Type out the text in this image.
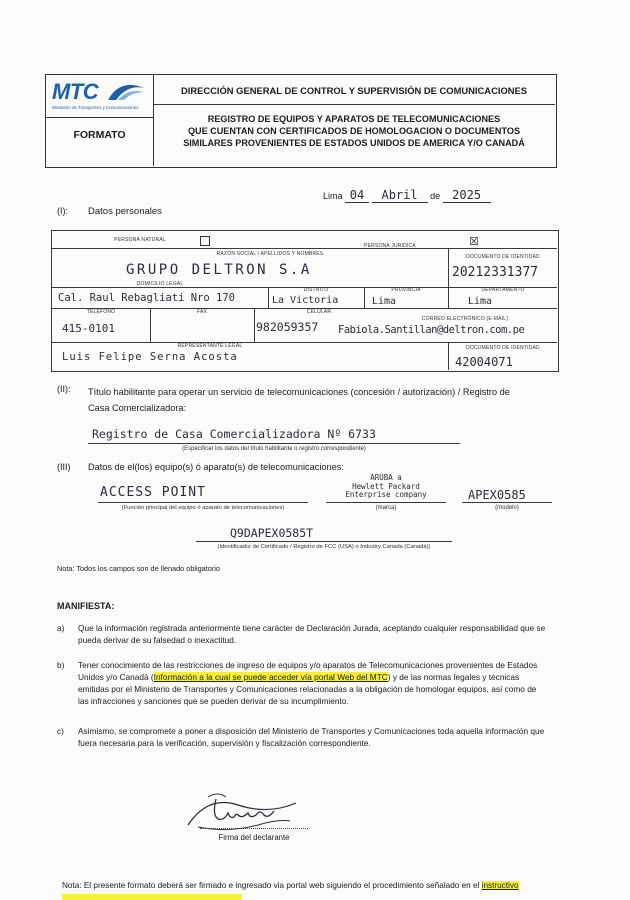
MTC
Ministerio de Transportes y Comunicaciones
FORMATO
DIRECCIÓN GENERAL DE CONTROL Y SUPERVISIÓN DE COMUNICACIONES
REGISTRO DE EQUIPOS Y APARATOS DE TELECOMUNICACIONES
QUE CUENTAN CON CERTIFICADOS DE HOMOLOGACION O DOCUMENTOS
SIMILARES PROVENIENTES DE ESTADOS UNIDOS DE AMERICA Y/O CANADÁ
Lima 04 Abril de 2025
(I): Datos personales
PERSONA NATURAL
PERSONA JURIDICA	☒
RAZÓN SOCIAL / APELLIDOS Y NOMBRES
GRUPO DELTRON S.A
DOCUMENTO DE IDENTIDAD
20212331377
DOMICILIO LEGAL
Cal. Raul Rebagliati Nro 170
DISTRITO
La Victoria
PROVINCIA
Lima
DEPARTAMENTO
Lima
TELEFONO
415-0101
FAX	CELULAR
982059357
CORREO ELECTRÓNICO (E-MAIL)
Fabiola.Santillan@deltron.com.pe
REPRESENTANTE LEGAL
Luis Felipe Serna Acosta
DOCUMENTO DE IDENTIDAD
42004071
(II): Título habilitante para operar un servicio de telecomunicaciones (concesión / autorización) / Registro de
Casa Comercializadora:
Registro de Casa Comercializadora Nº 6733
(Especificar los datos del título habilitante o registro correspondiente)
(III) Datos de el(los) equipo(s) ó aparato(s) de telecomunicaciones:
ACCESS POINT
(Función principal del equipo ó aparato de telecomunicaciones)
ARUBA a
Hewlett Packard
Enterprise company
(marca)
APEX0585
(modelo)
Q9DAPEX0585T
(Identificador de Certificado / Registro de FCC (USA) o Industry Canada (Canadá))
Nota: Todos los campos son de llenado obligatorio
MANIFIESTA:
a) Que la información registrada anteriormente tiene carácter de Declaración Jurada, aceptando cualquier responsabilidad que se
pueda derivar de su falsedad o inexactitud.
b) Tener conocimiento de las restricciones de ingreso de equipos y/o aparatos de Telecomunicaciones provenientes de Estados
Unidos y/o Canadá (Información a la cual se puede acceder vía portal Web del MTC) y de las normas legales y técnicas
emitidas por el Ministerio de Transportes y Comunicaciones relacionadas a la obligación de homologar equipos, así como de
las infracciones y sanciones que se pueden derivar de su incumplimiento.
c) Asimismo, se compromete a poner a disposición del Ministerio de Transportes y Comunicaciones toda aquella información que
fuera necesaria para la verificación, supervisión y fiscalización correspondiente.
Firma del declarante
Nota: El presente formato deberá ser firmado e ingresado via portal web siguiendo el procedimiento señalado en el instructivo
